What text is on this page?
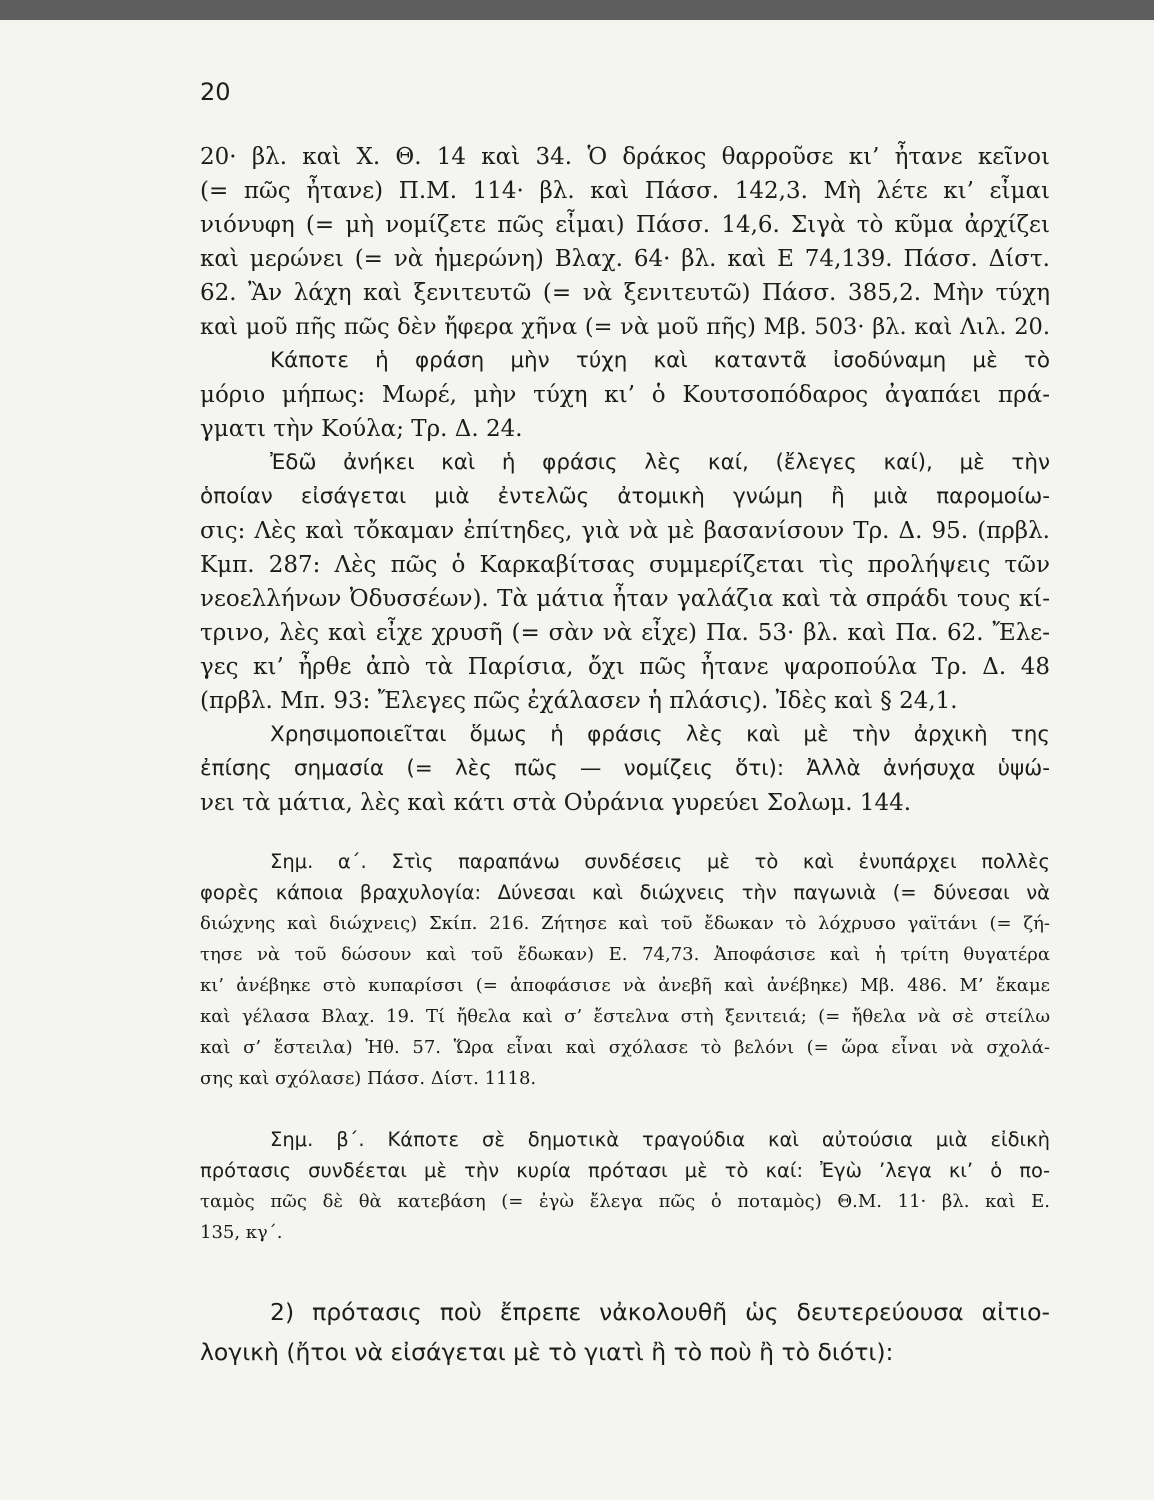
20
20· βλ. καὶ Χ. Θ. 14 καὶ 34. Ὁ δράκος θαρροῦσε κι’ ἦτανε κεῖνοι
(= πῶς ἦτανε) Π.Μ. 114· βλ. καὶ Πάσσ. 142,3. Μὴ λέτε κι’ εἶμαι
νιόνυφη (= μὴ νομίζετε πῶς εἶμαι) Πάσσ. 14,6. Σιγὰ τὸ κῦμα ἀρχίζει
καὶ μερώνει (= νὰ ἡμερώνη) Βλαχ. 64· βλ. καὶ Ε 74,139. Πάσσ. Δίστ.
62. Ἂν λάχη καὶ ξενιτευτῶ (= νὰ ξενιτευτῶ) Πάσσ. 385,2. Μὴν τύχη
καὶ μοῦ πῆς πῶς δὲν ἤφερα χῆνα (= νὰ μοῦ πῆς) Μβ. 503· βλ. καὶ Λιλ. 20.
Κάποτε ἡ φράση μὴν τύχη καὶ καταντᾶ ἰσοδύναμη μὲ τὸ
μόριο μήπως: Μωρέ, μὴν τύχη κι’ ὁ Κουτσοπόδαρος ἀγαπάει πρά-
γματι τὴν Κούλα; Τρ. Δ. 24.
Ἐδῶ ἀνήκει καὶ ἡ φράσις λὲς καί, (ἔλεγες καί), μὲ τὴν
ὁποίαν εἰσάγεται μιὰ ἐντελῶς ἀτομικὴ γνώμη ἢ μιὰ παρομοίω-
σις: Λὲς καὶ τὄκαμαν ἐπίτηδες, γιὰ νὰ μὲ βασανίσουν Τρ. Δ. 95. (πρβλ.
Κμπ. 287: Λὲς πῶς ὁ Καρκαβίτσας συμμερίζεται τὶς προλήψεις τῶν
νεοελλήνων Ὀδυσσέων). Τὰ μάτια ἦταν γαλάζια καὶ τὰ σπράδι τους κί-
τρινο, λὲς καὶ εἶχε χρυσῆ (= σὰν νὰ εἶχε) Πα. 53· βλ. καὶ Πα. 62. Ἔλε-
γες κι’ ἦρθε ἀπὸ τὰ Παρίσια, ὄχι πῶς ἦτανε ψαροπούλα Τρ. Δ. 48
(πρβλ. Μπ. 93: Ἔλεγες πῶς ἐχάλασεν ἡ πλάσις). Ἰδὲς καὶ § 24,1.
Χρησιμοποιεῖται ὅμως ἡ φράσις λὲς καὶ μὲ τὴν ἀρχικὴ της
ἐπίσης σημασία (= λὲς πῶς — νομίζεις ὅτι): Ἀλλὰ ἀνήσυχα ὑψώ-
νει τὰ μάτια, λὲς καὶ κάτι στὰ Οὐράνια γυρεύει Σολωμ. 144.
Σημ. α΄. Στὶς παραπάνω συνδέσεις μὲ τὸ καὶ ἐνυπάρχει πολλὲς
φορὲς κάποια βραχυλογία: Δύνεσαι καὶ διώχνεις τὴν παγωνιὰ (= δύνεσαι νὰ
διώχνης καὶ διώχνεις) Σκίπ. 216. Ζήτησε καὶ τοῦ ἔδωκαν τὸ λόχρυσο γαϊτάνι (= ζή-
τησε νὰ τοῦ δώσουν καὶ τοῦ ἔδωκαν) Ε. 74,73. Ἀποφάσισε καὶ ἡ τρίτη θυγατέρα
κι’ ἀνέβηκε στὸ κυπαρίσσι (= ἀποφάσισε νὰ ἀνεβῆ καὶ ἀνέβηκε) Μβ. 486. Μ’ ἔκαμε
καὶ γέλασα Βλαχ. 19. Τί ἤθελα καὶ σ’ ἔστελνα στὴ ξενιτειά; (= ἤθελα νὰ σὲ στείλω
καὶ σ’ ἔστειλα) Ἠθ. 57. Ὥρα εἶναι καὶ σχόλασε τὸ βελόνι (= ὥρα εἶναι νὰ σχολά-
σης καὶ σχόλασε) Πάσσ. Δίστ. 1118.
Σημ. β΄. Κάποτε σὲ δημοτικὰ τραγούδια καὶ αὐτούσια μιὰ εἰδικὴ
πρότασις συνδέεται μὲ τὴν κυρία πρότασι μὲ τὸ καί: Ἐγὼ ’λεγα κι’ ὁ πο-
ταμὸς πῶς δὲ θὰ κατεβάση (= ἐγὼ ἔλεγα πῶς ὁ ποταμὸς) Θ.Μ. 11· βλ. καὶ Ε.
135, κγ΄.
2) πρότασις ποὺ ἔπρεπε νἀκολουθῆ ὡς δευτερεύουσα αἰτιο-
λογικὴ (ἤτοι νὰ εἰσάγεται μὲ τὸ γιατὶ ἢ τὸ ποὺ ἢ τὸ διότι):
